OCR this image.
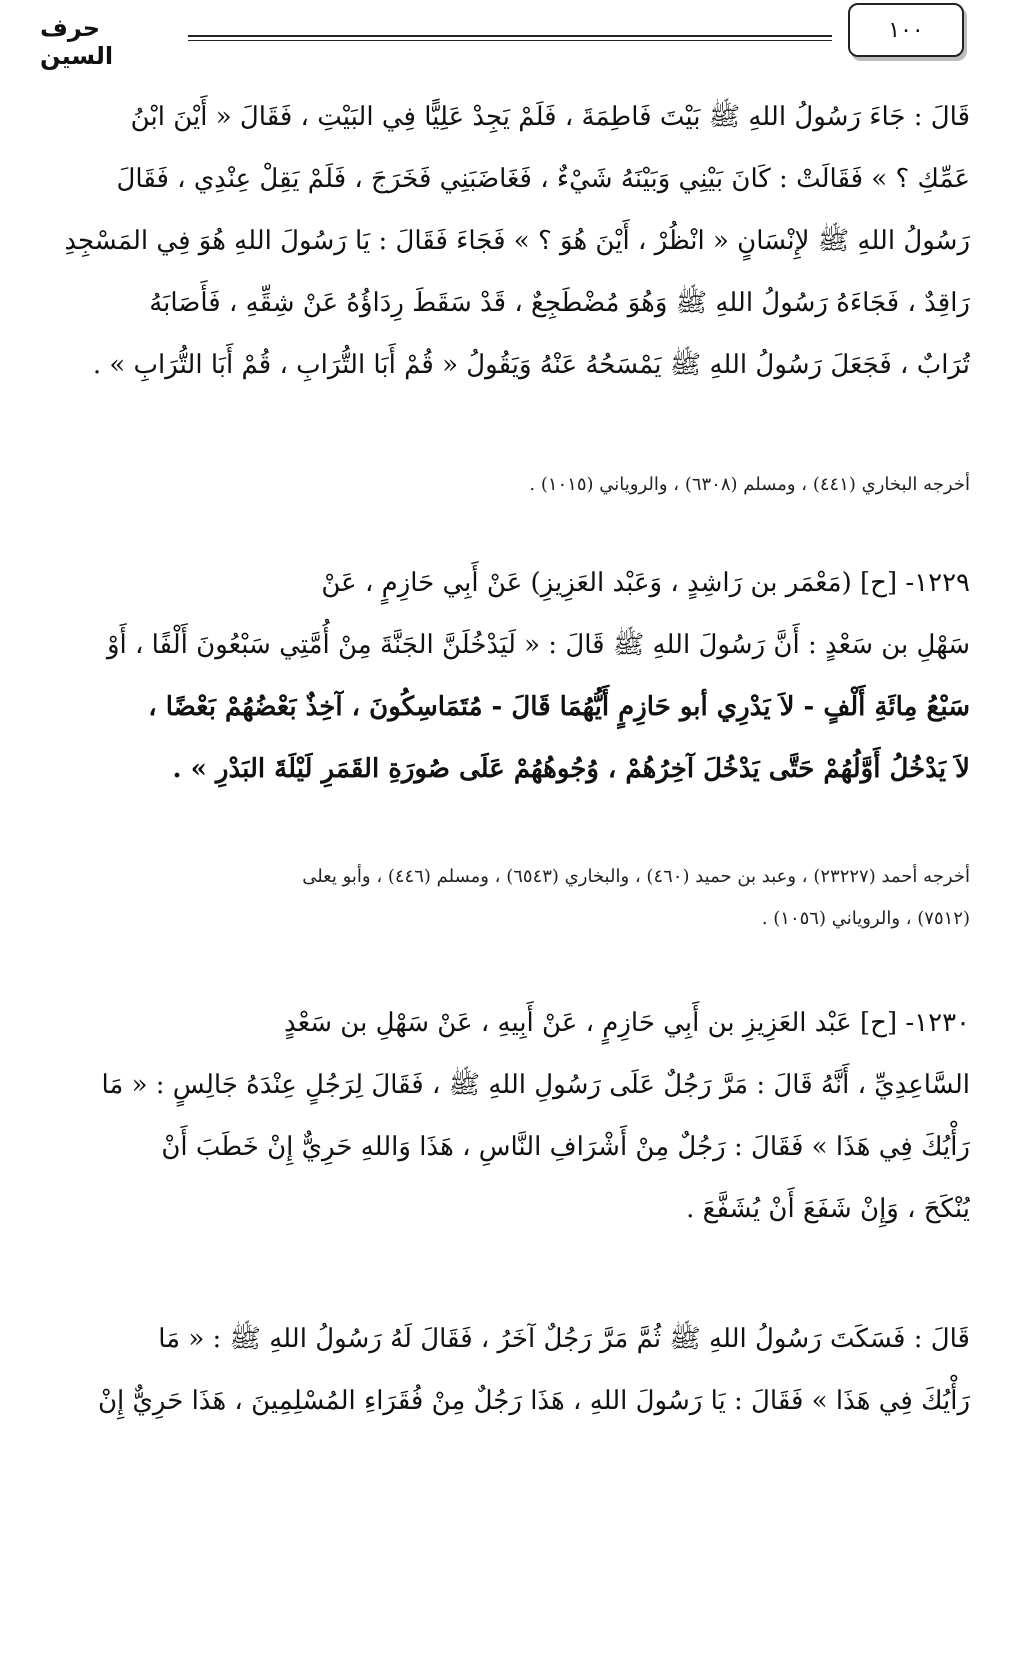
١٠٠
حرف السين
قَالَ : جَاءَ رَسُولُ اللهِ ﷺ بَيْتَ فَاطِمَةَ ، فَلَمْ يَجِدْ عَلِيًّا فِي البَيْتِ ، فَقَالَ « أَيْنَ ابْنُ
عَمِّكِ ؟ » فَقَالَتْ : كَانَ بَيْنِي وَبَيْنَهُ شَيْءٌ ، فَغَاضَبَنِي فَخَرَجَ ، فَلَمْ يَقِلْ عِنْدِي ، فَقَالَ
رَسُولُ اللهِ ﷺ لإِنْسَانٍ « انْظُرْ ، أَيْنَ هُوَ ؟ » فَجَاءَ فَقَالَ : يَا رَسُولَ اللهِ هُوَ فِي المَسْجِدِ
رَاقِدٌ ، فَجَاءَهُ رَسُولُ اللهِ ﷺ وَهُوَ مُضْطَجِعٌ ، قَدْ سَقَطَ رِدَاؤُهُ عَنْ شِقِّهِ ، فَأَصَابَهُ
تُرَابٌ ، فَجَعَلَ رَسُولُ اللهِ ﷺ يَمْسَحُهُ عَنْهُ وَيَقُولُ « قُمْ أَبَا التُّرَابِ ، قُمْ أَبَا التُّرَابِ » .
أخرجه البخاري (٤٤١) ، ومسلم (٦٣٠٨) ، والروياني (١٠١٥) .
١٢٢٩- [ح] (مَعْمَر بن رَاشِدٍ ، وَعَبْد العَزِيزِ) عَنْ أَبِي حَازِمٍ ، عَنْ
سَهْلِ بن سَعْدٍ : أَنَّ رَسُولَ اللهِ ﷺ قَالَ : « لَيَدْخُلَنَّ الجَنَّةَ مِنْ أُمَّتِي سَبْعُونَ أَلْفًا ، أَوْ
سَبْعُ مِائَةِ أَلْفٍ - لاَ يَدْرِي أبو حَازِمٍ أَيُّهُمَا قَالَ - مُتَمَاسِكُونَ ، آخِذٌ بَعْضُهُمْ بَعْضًا ،
لاَ يَدْخُلُ أَوَّلُهُمْ حَتَّى يَدْخُلَ آخِرُهُمْ ، وُجُوهُهُمْ عَلَى صُورَةِ القَمَرِ لَيْلَةَ البَدْرِ » .
أخرجه أحمد (٢٣٢٢٧) ، وعبد بن حميد (٤٦٠) ، والبخاري (٦٥٤٣) ، ومسلم (٤٤٦) ، وأبو يعلى
(٧٥١٢) ، والروياني (١٠٥٦) .
١٢٣٠- [ح] عَبْد العَزِيزِ بن أَبِي حَازِمٍ ، عَنْ أَبِيهِ ، عَنْ سَهْلِ بن سَعْدٍ
السَّاعِدِيِّ ، أَنَّهُ قَالَ : مَرَّ رَجُلٌ عَلَى رَسُولِ اللهِ ﷺ ، فَقَالَ لِرَجُلٍ عِنْدَهُ جَالِسٍ : « مَا
رَأْيُكَ فِي هَذَا » فَقَالَ : رَجُلٌ مِنْ أَشْرَافِ النَّاسِ ، هَذَا وَاللهِ حَرِيٌّ إِنْ خَطَبَ أَنْ
يُنْكَحَ ، وَإِنْ شَفَعَ أَنْ يُشَفَّعَ .
قَالَ : فَسَكَتَ رَسُولُ اللهِ ﷺ ثُمَّ مَرَّ رَجُلٌ آخَرُ ، فَقَالَ لَهُ رَسُولُ اللهِ ﷺ : « مَا
رَأْيُكَ فِي هَذَا » فَقَالَ : يَا رَسُولَ اللهِ ، هَذَا رَجُلٌ مِنْ فُقَرَاءِ المُسْلِمِينَ ، هَذَا حَرِيٌّ إِنْ
